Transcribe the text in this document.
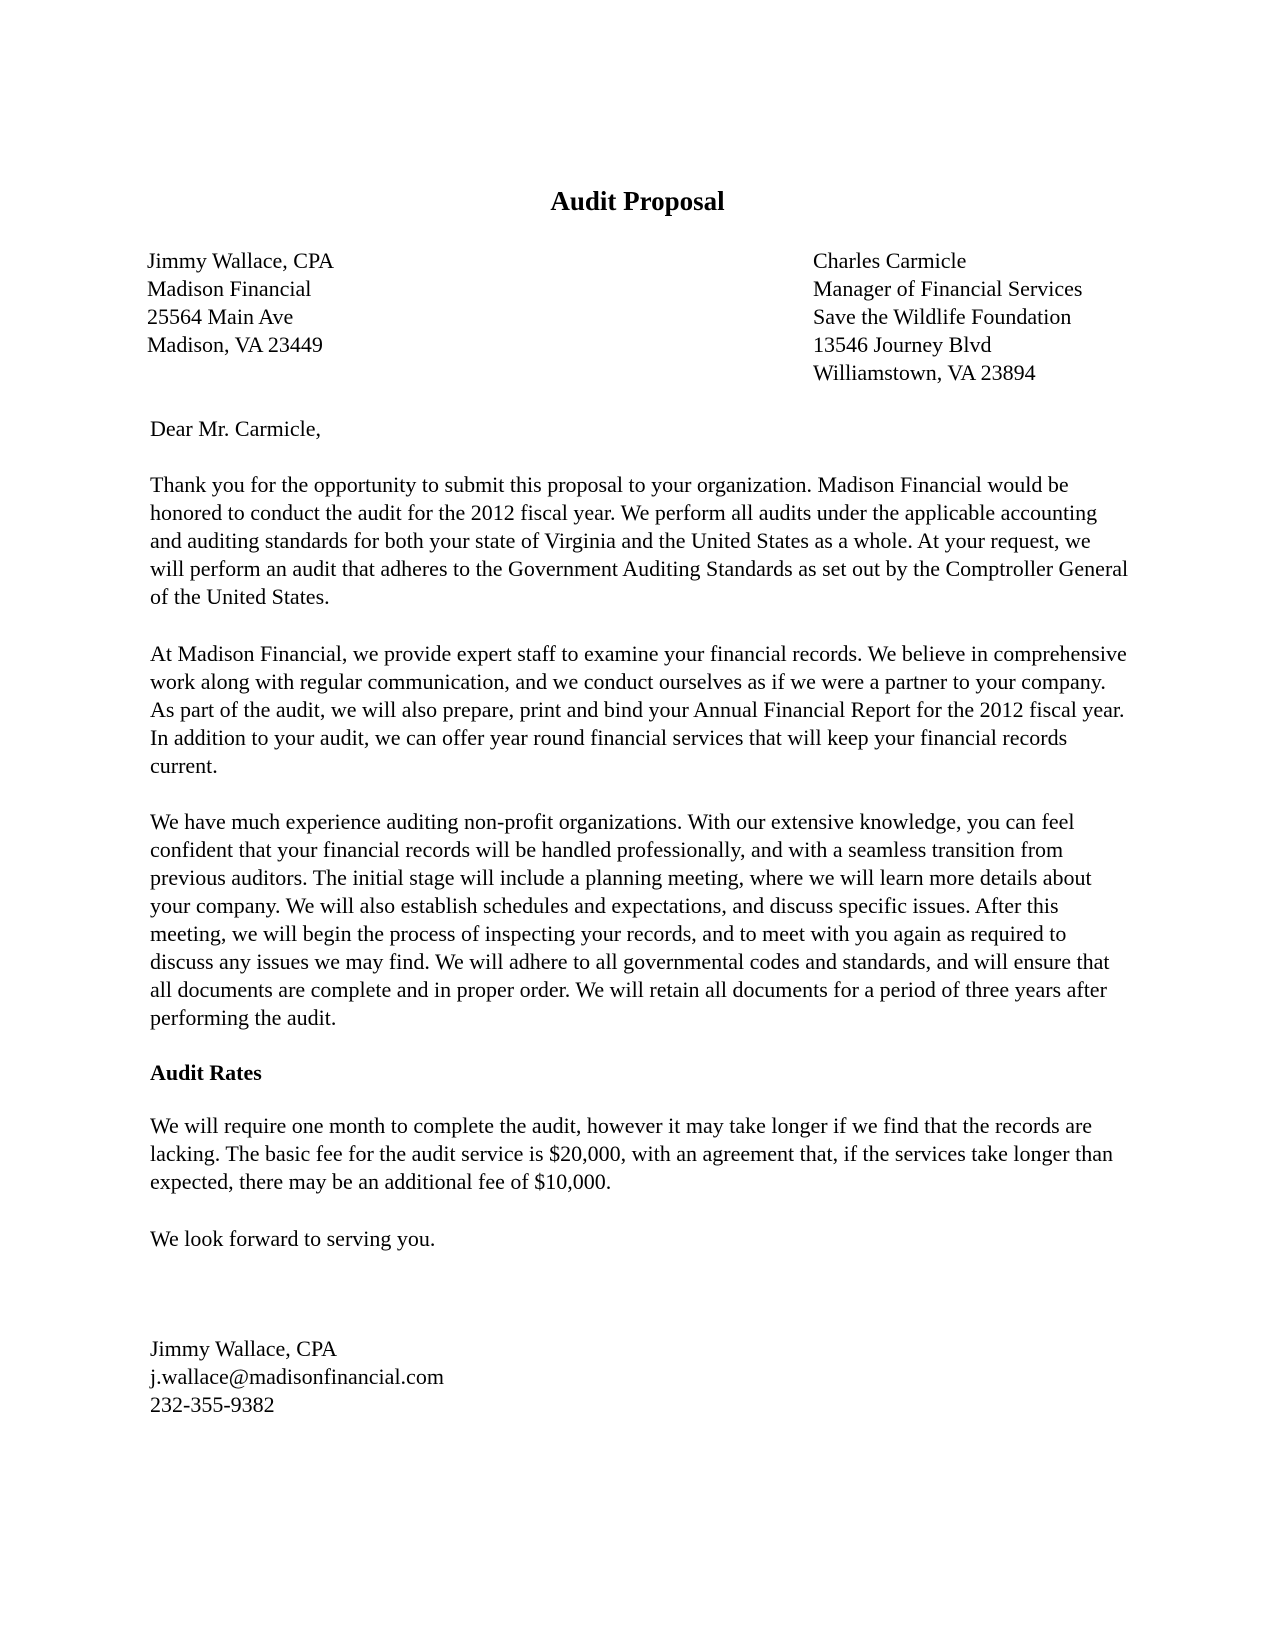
Audit Proposal
Jimmy Wallace, CPA
Madison Financial
25564 Main Ave
Madison, VA 23449
Charles Carmicle
Manager of Financial Services
Save the Wildlife Foundation
13546 Journey Blvd
Williamstown, VA 23894

Dear Mr. Carmicle,

Thank you for the opportunity to submit this proposal to your organization. Madison Financial would be honored to conduct the audit for the 2012 fiscal year. We perform all audits under the applicable accounting and auditing standards for both your state of Virginia and the United States as a whole. At your request, we will perform an audit that adheres to the Government Auditing Standards as set out by the Comptroller General of the United States.

At Madison Financial, we provide expert staff to examine your financial records. We believe in comprehensive work along with regular communication, and we conduct ourselves as if we were a partner to your company. As part of the audit, we will also prepare, print and bind your Annual Financial Report for the 2012 fiscal year. In addition to your audit, we can offer year round financial services that will keep your financial records current.

We have much experience auditing non-profit organizations. With our extensive knowledge, you can feel confident that your financial records will be handled professionally, and with a seamless transition from previous auditors. The initial stage will include a planning meeting, where we will learn more details about your company. We will also establish schedules and expectations, and discuss specific issues. After this meeting, we will begin the process of inspecting your records, and to meet with you again as required to discuss any issues we may find. We will adhere to all governmental codes and standards, and will ensure that all documents are complete and in proper order. We will retain all documents for a period of three years after performing the audit.

Audit Rates

We will require one month to complete the audit, however it may take longer if we find that the records are lacking. The basic fee for the audit service is $20,000, with an agreement that, if the services take longer than expected, there may be an additional fee of $10,000.

We look forward to serving you.

Jimmy Wallace, CPA
j.wallace@madisonfinancial.com
232-355-9382
